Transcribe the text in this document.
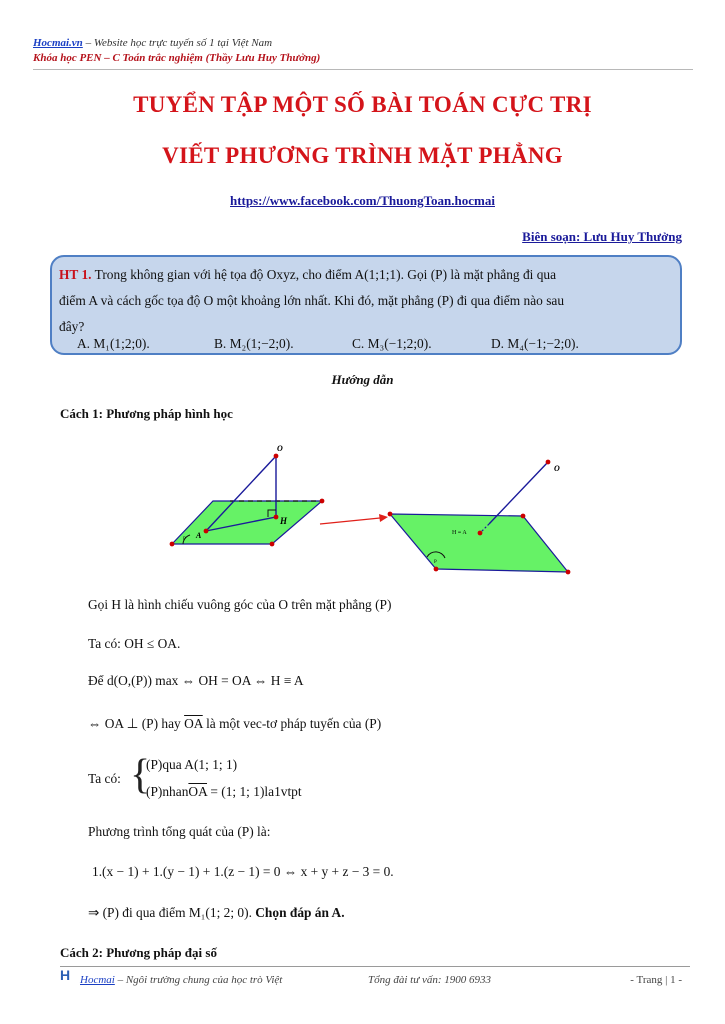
Hocmai.vn – Website học trực tuyến số 1 tại Việt Nam
Khóa học PEN – C Toán trắc nghiệm (Thầy Lưu Huy Thưởng)
TUYỂN TẬP MỘT SỐ BÀI TOÁN CỰC TRỊ
VIẾT PHƯƠNG TRÌNH MẶT PHẲNG
https://www.facebook.com/ThuongToan.hocmai
Biên soạn: Lưu Huy Thưởng
HT 1. Trong không gian với hệ tọa độ Oxyz, cho điểm A(1;1;1). Gọi (P) là mặt phẳng đi qua
điểm A và cách gốc tọa độ O một khoảng lớn nhất. Khi đó, mặt phẳng (P) đi qua điểm nào sau
đây?
A. M₁(1;2;0).	B. M₂(1;−2;0).	C. M₃(−1;2;0).	D. M₄(−1;−2;0).
Hướng dẫn
Cách 1: Phương pháp hình học
O
H
A
P
O
H ≡ A
P
Gọi H là hình chiếu vuông góc của O trên mặt phẳng (P)
Ta có: OH ≤ OA.
Để d(O,(P)) max ⇔ OH = OA ⇔ H ≡ A
⇔ OA ⊥ (P) hay $\overline{OA}$ là một vec-tơ pháp tuyến của (P)
Ta có: {
(P)qua A(1; 1; 1)
$(P)nhan\overline{OA} = (1$; 1; 1)la1vtpt
Phương trình tổng quát của (P) là:
1.(x − 1) + 1.(y − 1) + 1.(z − 1) = 0 ⇔ x + y + z − 3 = 0.
⇒ (P) đi qua điểm M₁(1; 2; 0). Chọn đáp án A.
Cách 2: Phương pháp đại số
H Hocmai – Ngôi trường chung của học trò Việt	Tổng đài tư vấn: 1900 6933	- Trang | 1 -
